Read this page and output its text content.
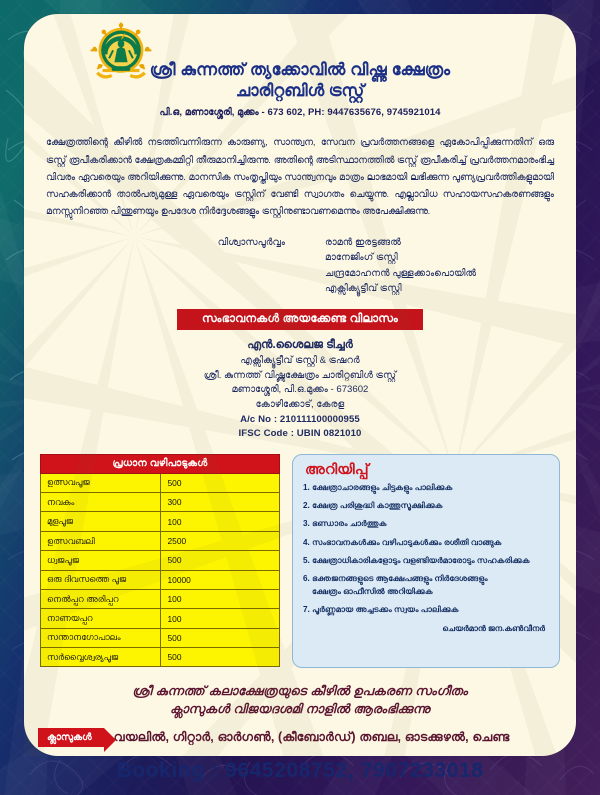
ശ്രീ കുന്നത്ത് ത്യക്കോവിൽ വിഷ്ണു ക്ഷേത്രം
ചാരിറ്റബിൾ ട്രസ്റ്റ്
പി.ഒ, മണാശ്ശേരി, മുക്കം - 673 602, PH: 9447635676, 9745921014
ക്ഷേത്രത്തിന്റെ കീഴിൽ നടത്തിവന്നിരുന്ന കാരുണ്യ, സാന്ത്വന, സേവന പ്രവർത്തനങ്ങളെ ഏകോപിപ്പിക്കുന്നതിന് ഒരു ട്രസ്റ്റ് രൂപീകരിക്കാൻ ക്ഷേത്രകമ്മിറ്റി തീരുമാനിച്ചിരുന്നു. അതിന്റെ അടിസ്ഥാനത്തിൽ ട്രസ്റ്റ് രൂപീകരിച്ച് പ്രവർത്തനമാരംഭിച്ച വിവരം ഏവരെയും അറിയിക്കുന്നു. മാനസിക സംതൃപ്തിയും സാന്ത്വനവും മാത്രം ലാഭമായി ലഭിക്കുന്ന പുണ്യപ്രവർത്തികളുമായി സഹകരിക്കാൻ താൽപര്യമുള്ള ഏവരെയും ട്രസ്റ്റിന് വേണ്ടി സ്വാഗതം ചെയ്യുന്നു. എല്ലാവിധ സഹായസഹകരണങ്ങളും മനസ്സുനിറഞ്ഞ പിന്തുണയും ഉപദേശ നിർദ്ദേശങ്ങളും ട്രസ്റ്റിനുണ്ടാവണമെന്നും അപേക്ഷിക്കുന്നു.
വിശ്വാസപൂർവ്വം	രാമൻ ഇരട്ടങ്ങൽ
മാനേജിംഗ് ട്രസ്റ്റി
ചന്ദ്രമോഹനൻ പുള്ളക്കാംപൊയിൽ
എക്സിക്യൂട്ടീവ് ട്രസ്റ്റി
സംഭാവനകൾ അയക്കേണ്ട വിലാസം
എൻ.ശൈലജ ടീച്ചർ
എക്സിക്യൂട്ടീവ് ട്രസ്റ്റി & ട്രഷറർ
ശ്രീ. കുന്നത്ത് വിഷ്ണുക്ഷേത്രം ചാരിറ്റബിൾ ട്രസ്റ്റ്
മണാശ്ശേരി, പി.ഒ.മുക്കം - 673602
കോഴിക്കോട്, കേരള
A/c No : 210111100000955
IFSC Code : UBIN 0821010
പ്രധാന വഴിപാടുകൾ	
ഉത്സവപൂജ	500
നവകം	300
മുളപൂജ	100
ഉത്സവബലി	2500
ധ്വജപൂജ	500
ഒരു ദിവസത്തെ പൂജ	10000
നെൽപ്പറ അരിപ്പറ	100
നാണയപ്പറ	100
സന്താനഗോപാലം	500
സർവ്വൈശ്വര്യപൂജ	500
അറിയിപ്പ്
1. ക്ഷേത്രാചാരങ്ങളും ചിട്ടകളും പാലിക്കുക
2. ക്ഷേത്ര പരിശുദ്ധി കാത്തുസൂക്ഷിക്കുക
3. ഭണ്ഡാരം ചാർത്തുക
4. സംഭാവനകൾക്കും വഴിപാടുകൾക്കും രശീതി വാങ്ങുക
5. ക്ഷേത്രാധികാരികളോടും വളണ്ടിയർമാരോടും സഹകരിക്കുക
6. ഭക്തജനങ്ങളുടെ ആക്ഷേപങ്ങളും നിർദേശങ്ങളും
ക്ഷേത്രം ഓഫീസിൽ അറിയിക്കുക
7. പൂർണ്ണമായ അച്ചടക്കം സ്വയം പാലിക്കുക
ചെയർമാൻ ജന.കൺവീനർ
ശ്രീ കുന്നത്ത് കലാക്ഷേത്രയുടെ കീഴിൽ ഉപകരണ സംഗീതം
ക്ലാസുകൾ വിജയദശമി നാളിൽ ആരംഭിക്കുന്നു
ക്ലാസുകൾ	വയലിൽ, ഗിറ്റാർ, ഓർഗൺ, (കീബോർഡ്) തബല, ഓടക്കുഴൽ, ചെണ്ട
Booking : 9645208752, 7907233018
